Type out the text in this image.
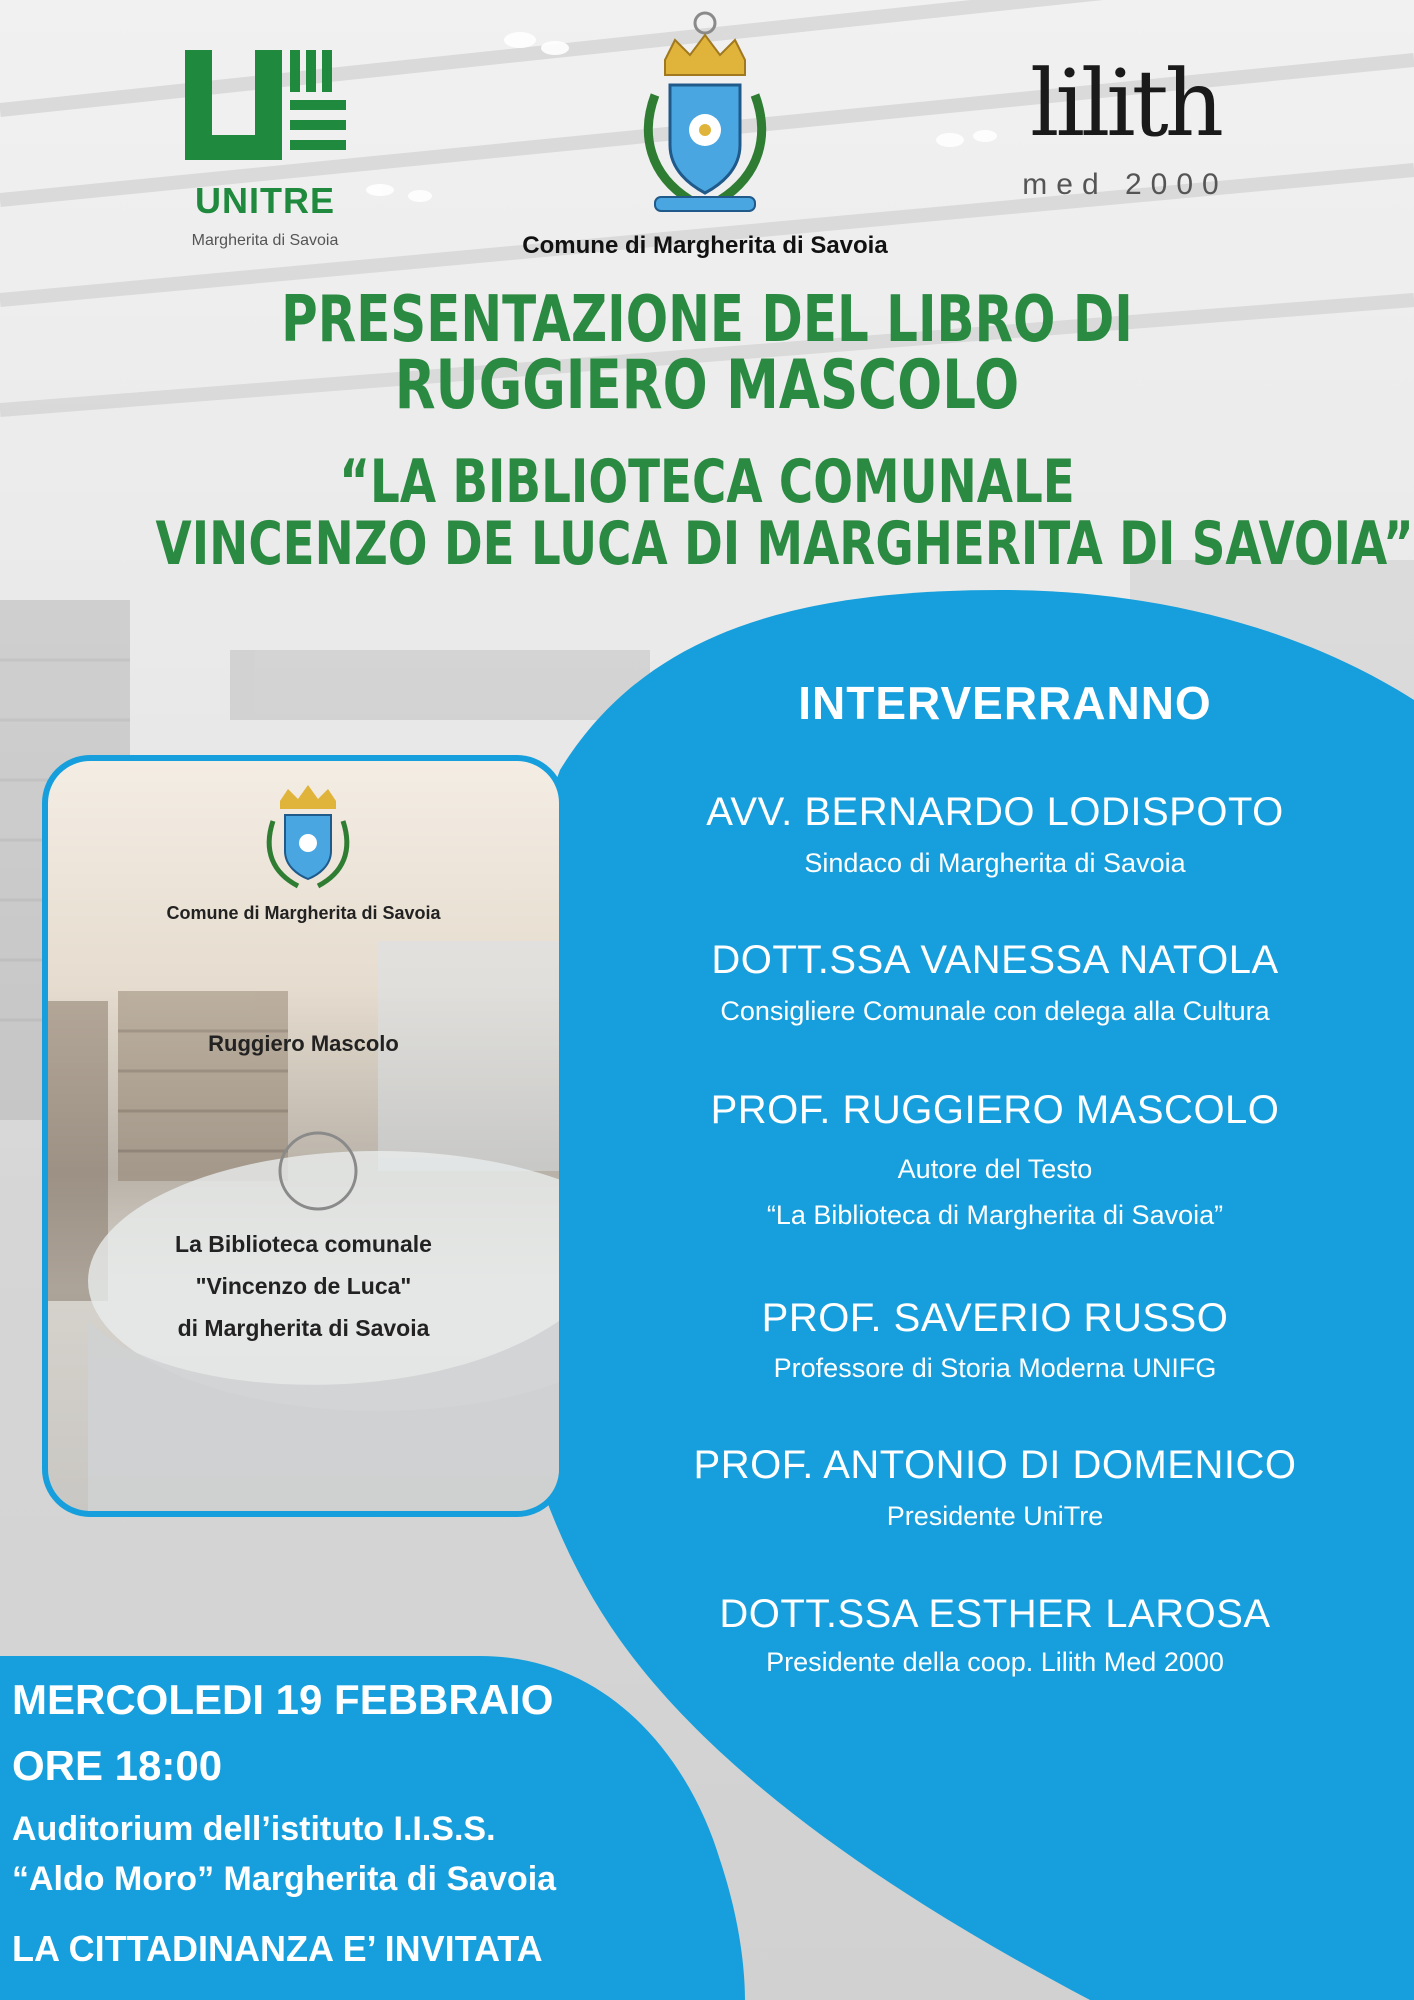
UNITRE
Margherita di Savoia	Comune di Margherita di Savoia
lilith
med 2000
PRESENTAZIONE DEL LIBRO DI
RUGGIERO MASCOLO
“LA BIBLIOTECA COMUNALE
VINCENZO DE LUCA DI MARGHERITA DI SAVOIA”
Comune di Margherita di Savoia
Ruggiero Mascolo
La Biblioteca comunale
"Vincenzo de Luca"
di Margherita di Savoia
INTERVERRANNO
AVV. BERNARDO LODISPOTO
Sindaco di Margherita di Savoia
DOTT.SSA VANESSA NATOLA
Consigliere Comunale con delega alla Cultura
PROF. RUGGIERO MASCOLO
Autore del Testo
“La Biblioteca di Margherita di Savoia”
PROF. SAVERIO RUSSO
Professore di Storia Moderna UNIFG
PROF. ANTONIO DI DOMENICO
Presidente UniTre
DOTT.SSA ESTHER LAROSA
Presidente della coop. Lilith Med 2000
MERCOLEDI 19 FEBBRAIO
ORE 18:00
Auditorium dell’istituto I.I.S.S.
“Aldo Moro” Margherita di Savoia
LA CITTADINANZA E’ INVITATA
